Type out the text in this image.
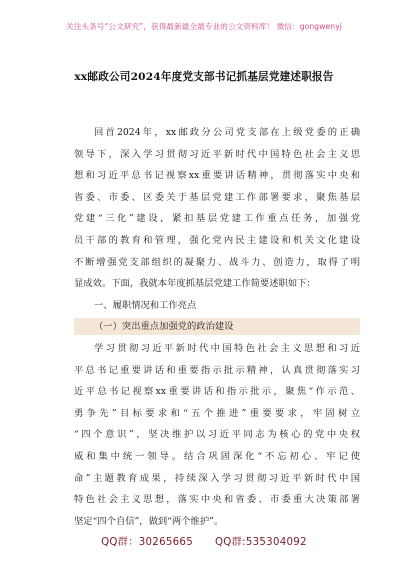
关注头条号“公文研究”，获得最新最全最专业的公文资料库！ 微信：gongwenyj
xx邮政公司2024年度党支部书记抓基层党建述职报告
回首2024年，xx邮政分公司党支部在上级党委的正确
领导下，深入学习贯彻习近平新时代中国特色社会主义思
想和习近平总书记视察xx重要讲话精神，贯彻落实中央和
省委、市委、区委关于基层党建工作部署要求，聚焦基层
党建“三化”建设，紧扣基层党建工作重点任务，加强党
员干部的教育和管理，强化党内民主建设和机关文化建设
不断增强党支部组织的凝聚力、战斗力、创造力，取得了明
显成效。下面，我就本年度抓基层党建工作简要述职如下：
一、履职情况和工作亮点
（一）突出重点加强党的政治建设
学习贯彻习近平新时代中国特色社会主义思想和习近
平总书记重要讲话和重要指示批示精神，认真贯彻落实习
近平总书记视察xx重要讲话和指示批示，聚焦“作示范、
勇争先”目标要求和“五个推进”重要要求，牢固树立
“四个意识”，坚决维护以习近平同志为核心的党中央权
威和集中统一领导。结合巩固深化“不忘初心、牢记使
命”主题教育成果，持续深入学习贯彻习近平新时代中国
特色社会主义思想，落实中央和省委、市委重大决策部署
坚定“四个自信”，做到“两个维护”。
QQ群：30265665 QQ群:535304092
